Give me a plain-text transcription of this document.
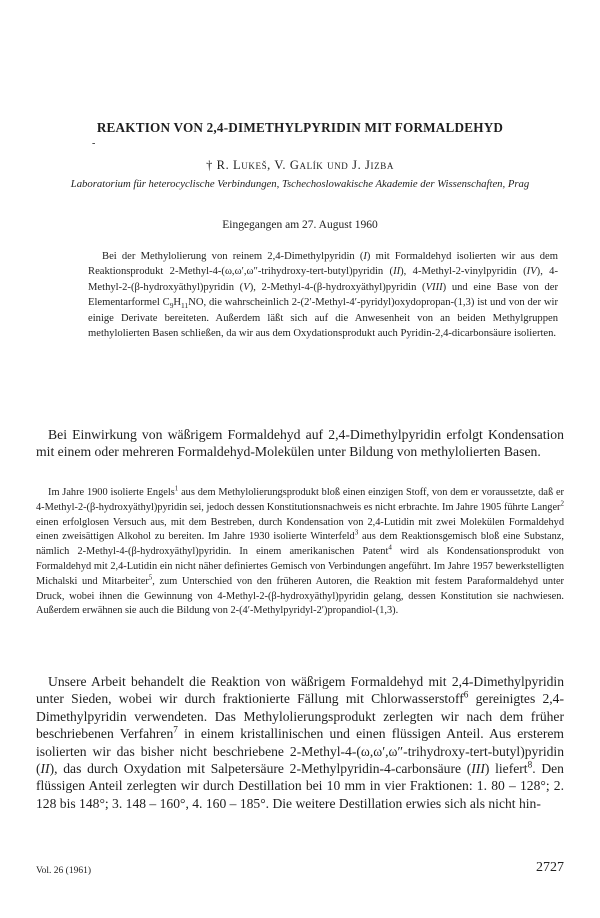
REAKTION VON 2,4-DIMETHYLPYRIDIN MIT FORMALDEHYD
-
† R. Lukeš, V. Galík und J. Jizba
Laboratorium für heterocyclische Verbindungen, Tschechoslowakische Akademie der Wissenschaften, Prag
Eingegangen am 27. August 1960
Bei der Methylolierung von reinem 2,4-Dimethylpyridin (I) mit Formaldehyd isolierten wir aus dem Reaktionsprodukt 2-Methyl-4-(ω,ω′,ω″-trihydroxy-tert-butyl)pyridin (II), 4-Methyl-2-vinylpyridin (IV), 4-Methyl-2-(β-hydroxyäthyl)pyridin (V), 2-Methyl-4-(β-hydroxyäthyl)pyridin (VIII) und eine Base von der Elementarformel $C_9H_{11}NO$, die wahrscheinlich 2-(2′-Methyl-4′-pyridyl)oxydopropan-(1,3) ist und von der wir einige Derivate bereiteten. Außerdem läßt sich auf die Anwesenheit von an beiden Methylgruppen methylolierten Basen schließen, da wir aus dem Oxydationsprodukt auch Pyridin-2,4-dicarbonsäure isolierten.
Bei Einwirkung von wäßrigem Formaldehyd auf 2,4-Dimethylpyridin erfolgt Kondensation mit einem oder mehreren Formaldehyd-Molekülen unter Bildung von methylolierten Basen.
Im Jahre 1900 isolierte Engels$^1$ aus dem Methylolierungsprodukt bloß einen einzigen Stoff, von dem er voraussetzte, daß er 4-Methyl-2-(β-hydroxyäthyl)pyridin sei, jedoch dessen Konstitutionsnachweis es nicht erbrachte. Im Jahre 1905 führte Langer$^2$ einen erfolglosen Versuch aus, mit dem Bestreben, durch Kondensation von 2,4-Lutidin mit zwei Molekülen Formaldehyd einen zweisättigen Alkohol zu bereiten. Im Jahre 1930 isolierte Winterfeld$^3$ aus dem Reaktionsgemisch bloß eine Substanz, nämlich 2-Methyl-4-(β-hydroxyäthyl)pyridin. In einem amerikanischen Patent$^4$ wird als Kondensationsprodukt von Formaldehyd mit 2,4-Lutidin ein nicht näher definiertes Gemisch von Verbindungen angeführt. Im Jahre 1957 bewerkstelligten Michalski und Mitarbeiter$^5$, zum Unterschied von den früheren Autoren, die Reaktion mit festem Paraformaldehyd unter Druck, wobei ihnen die Gewinnung von 4-Methyl-2-(β-hydroxyäthyl)pyridin gelang, dessen Konstitution sie nachwiesen. Außerdem erwähnen sie auch die Bildung von 2-(4′-Methylpyridyl-2′)propandiol-(1,3).
Unsere Arbeit behandelt die Reaktion von wäßrigem Formaldehyd mit 2,4-Dimethylpyridin unter Sieden, wobei wir durch fraktionierte Fällung mit Chlorwasserstoff$^6$ gereinigtes 2,4-Dimethylpyridin verwendeten. Das Methylolierungsprodukt zerlegten wir nach dem früher beschriebenen Verfahren$^7$ in einem kristallinischen und einen flüssigen Anteil. Aus ersterem isolierten wir das bisher nicht beschriebene 2-Methyl-4-(ω,ω′,ω″-trihydroxy-tert-butyl)pyridin (II), das durch Oxydation mit Salpetersäure 2-Methylpyridin-4-carbonsäure (III) liefert$^8$. Den flüssigen Anteil zerlegten wir durch Destillation bei 10 mm in vier Fraktionen: 1. 80 – 128°; 2. 128 bis 148°; 3. 148 – 160°, 4. 160 – 185°. Die weitere Destillation erwies sich als nicht hin-
Vol. 26 (1961)	2727
